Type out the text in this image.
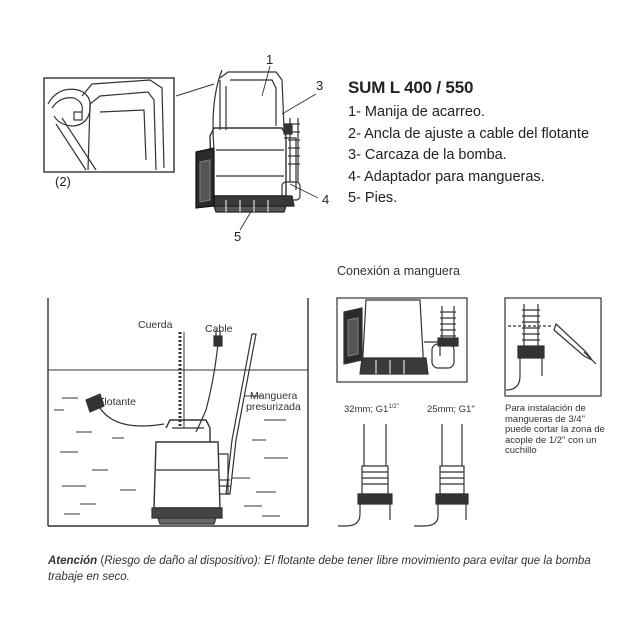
SUM L 400 / 550
1- Manija de acarreo.
2- Ancla de ajuste a cable del flotante
3- Carcaza de la bomba.
4- Adaptador para mangueras.
5- Pies.
1
3
4
5
(2)
Cuerda	Cable
Flotante	Manguera
presurizada
Conexión a manguera
32mm; $G1^{1/2"}$	25mm; G1"	Para instalación de mangueras de 3/4" puede cortar la zona de acople de 1/2" con un cuchillo
Atención (Riesgo de daño al dispositivo): El flotante debe tener libre movimiento para evitar que la bomba trabaje en seco.
